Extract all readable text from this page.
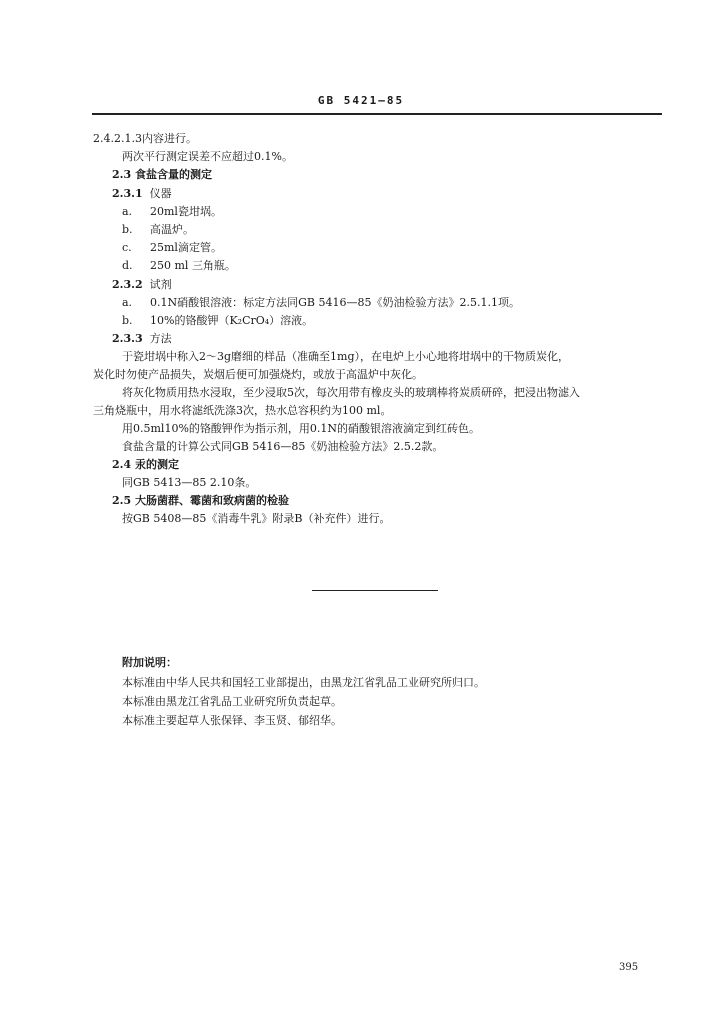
GB 5421—85
2.4.2.1.3内容进行。
两次平行测定误差不应超过0.1%。
2.3 食盐含量的测定
2.3.1 仪器
a. 20ml瓷坩埚。
b. 高温炉。
c. 25ml滴定管。
d. 250 ml 三角瓶。
2.3.2 试剂
a. 0.1N硝酸银溶液：标定方法同GB 5416—85《奶油检验方法》2.5.1.1项。
b. 10%的铬酸钾（K₂CrO₄）溶液。
2.3.3 方法
于瓷坩埚中称入2～3g磨细的样品（准确至1mg），在电炉上小心地将坩埚中的干物质炭化，
炭化时勿使产品损失，炭烟后便可加强烧灼，或放于高温炉中灰化。
将灰化物质用热水浸取，至少浸取5次，每次用带有橡皮头的玻璃棒将炭质研碎，把浸出物滤入
三角烧瓶中，用水将滤纸洗涤3次，热水总容积约为100 ml。
用0.5ml10%的铬酸钾作为指示剂，用0.1N的硝酸银溶液滴定到红砖色。
食盐含量的计算公式同GB 5416—85《奶油检验方法》2.5.2款。
2.4 汞的测定
同GB 5413—85 2.10条。
2.5 大肠菌群、霉菌和致病菌的检验
按GB 5408—85《消毒牛乳》附录B（补充件）进行。
附加说明：
本标准由中华人民共和国轻工业部提出，由黑龙江省乳品工业研究所归口。
本标准由黑龙江省乳品工业研究所负责起草。
本标准主要起草人张保铎、李玉贤、郁绍华。
395
